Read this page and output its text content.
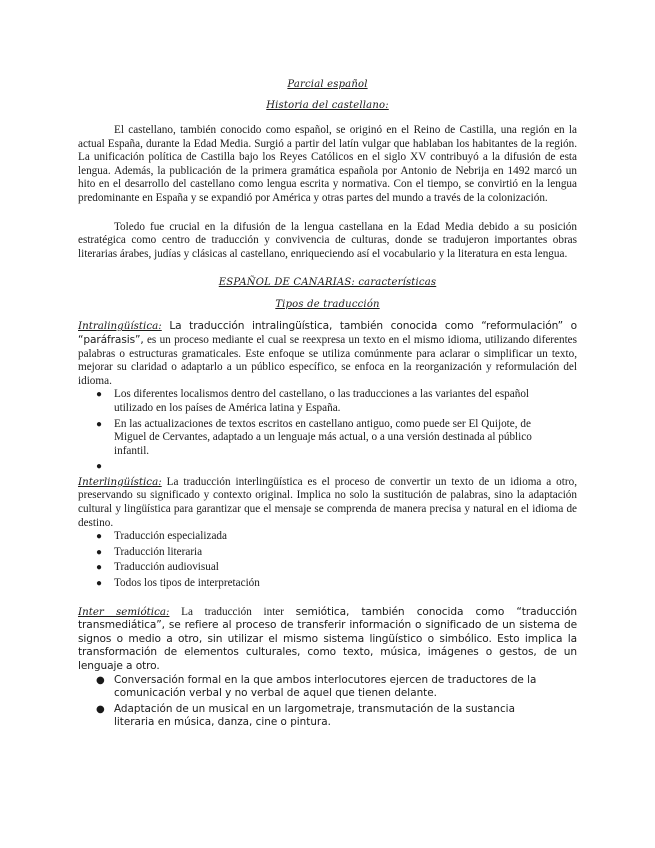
Parcial español

Historia del castellano:

El castellano, también conocido como español, se originó en el Reino de Castilla, una región en la actual España, durante la Edad Media. Surgió a partir del latín vulgar que hablaban los habitantes de la región. La unificación política de Castilla bajo los Reyes Católicos en el siglo XV contribuyó a la difusión de esta lengua. Además, la publicación de la primera gramática española por Antonio de Nebrija en 1492 marcó un hito en el desarrollo del castellano como lengua escrita y normativa. Con el tiempo, se convirtió en la lengua predominante en España y se expandió por América y otras partes del mundo a través de la colonización.

Toledo fue crucial en la difusión de la lengua castellana en la Edad Media debido a su posición estratégica como centro de traducción y convivencia de culturas, donde se tradujeron importantes obras literarias árabes, judías y clásicas al castellano, enriqueciendo así el vocabulario y la literatura en esta lengua.

ESPAÑOL DE CANARIAS: características

Tipos de traducción

Intralingüística: La traducción intralingüística, también conocida como “reformulación” o “paráfrasis”, es un proceso mediante el cual se reexpresa un texto en el mismo idioma, utilizando diferentes palabras o estructuras gramaticales. Este enfoque se utiliza comúnmente para aclarar o simplificar un texto, mejorar su claridad o adaptarlo a un público específico, se enfoca en la reorganización y reformulación del idioma.

● Los diferentes localismos dentro del castellano, o las traducciones a las variantes del español utilizado en los países de América latina y España.
● En las actualizaciones de textos escritos en castellano antiguo, como puede ser El Quijote, de Miguel de Cervantes, adaptado a un lenguaje más actual, o a una versión destinada al público infantil.
●

Interlingüística: La traducción interlingüística es el proceso de convertir un texto de un idioma a otro, preservando su significado y contexto original. Implica no solo la sustitución de palabras, sino la adaptación cultural y lingüística para garantizar que el mensaje se comprenda de manera precisa y natural en el idioma de destino.

● Traducción especializada
● Traducción literaria
● Traducción audiovisual
● Todos los tipos de interpretación

Inter semiótica: La traducción inter semiótica, también conocida como “traducción transmediática”, se refiere al proceso de transferir información o significado de un sistema de signos o medio a otro, sin utilizar el mismo sistema lingüístico o simbólico. Esto implica la transformación de elementos culturales, como texto, música, imágenes o gestos, de un lenguaje a otro.

● Conversación formal en la que ambos interlocutores ejercen de traductores de la comunicación verbal y no verbal de aquel que tienen delante.
● Adaptación de un musical en un largometraje, transmutación de la sustancia literaria en música, danza, cine o pintura.
